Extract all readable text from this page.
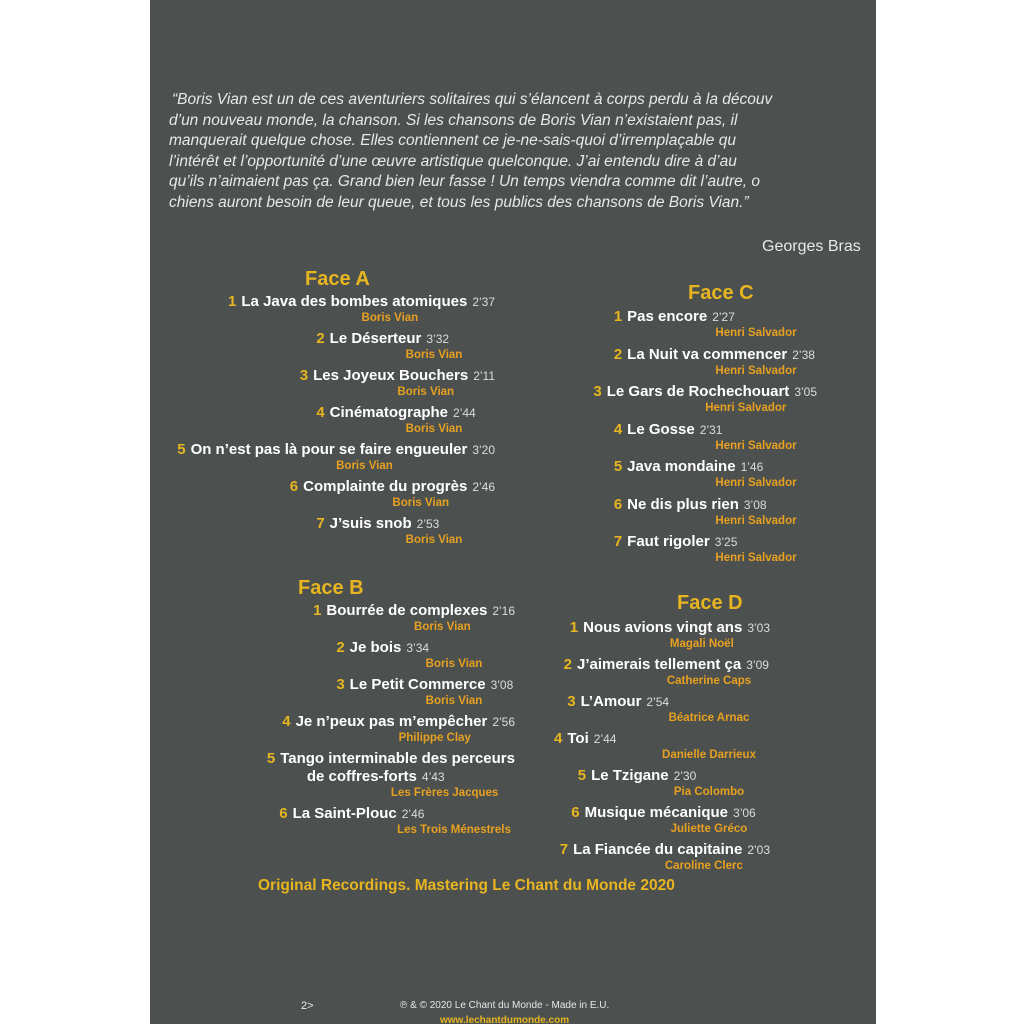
“Boris Vian est un de ces aventuriers solitaires qui s’élancent à corps perdu à la découv

d’un nouveau monde, la chanson. Si les chansons de Boris Vian n’existaient pas, il

manquerait quelque chose. Elles contiennent ce je-ne-sais-quoi d’irremplaçable qu

l’intérêt et l’opportunité d’une œuvre artistique quelconque. J’ai entendu dire à d’au

qu’ils n’aimaient pas ça. Grand bien leur fasse ! Un temps viendra comme dit l’autre, o

chiens auront besoin de leur queue, et tous les publics des chansons de Boris Vian.”

Georges Bras
Face A
1 La Java des bombes atomiques 2’37
Boris Vian
2 Le Déserteur 3’32
Boris Vian
3 Les Joyeux Bouchers 2’11
Boris Vian
4 Cinématographe 2’44
Boris Vian
5 On n’est pas là pour se faire engueuler 3’20
Boris Vian
6 Complainte du progrès 2’46
Boris Vian
7 J’suis snob 2’53
Boris Vian
Face B
1 Bourrée de complexes 2’16
Boris Vian
2 Je bois 3’34
Boris Vian
3 Le Petit Commerce 3’08
Boris Vian
4 Je n’peux pas m’empêcher 2’56
Philippe Clay
5 Tango interminable des perceurs
de coffres-forts 4’43
Les Frères Jacques
6 La Saint-Plouc 2’46
Les Trois Ménestrels
Face C
1 Pas encore 2’27
Henri Salvador
2 La Nuit va commencer 2’38
Henri Salvador
3 Le Gars de Rochechouart 3’05
Henri Salvador
4 Le Gosse 2’31
Henri Salvador
5 Java mondaine 1’46
Henri Salvador
6 Ne dis plus rien 3’08
Henri Salvador
7 Faut rigoler 3’25
Henri Salvador
Face D
1 Nous avions vingt ans 3’03
Magali Noël
2 J’aimerais tellement ça 3’09
Catherine Caps
3 L’Amour 2’54
Béatrice Arnac
4 Toi 2’44
Danielle Darrieux
5 Le Tzigane 2’30
Pia Colombo
6 Musique mécanique 3’06
Juliette Gréco
7 La Fiancée du capitaine 2’03
Caroline Clerc
Original Recordings. Mastering Le Chant du Monde 2020
℗ & © 2020 Le Chant du Monde - Made in E.U.
www.lechantdumonde.com
2>
